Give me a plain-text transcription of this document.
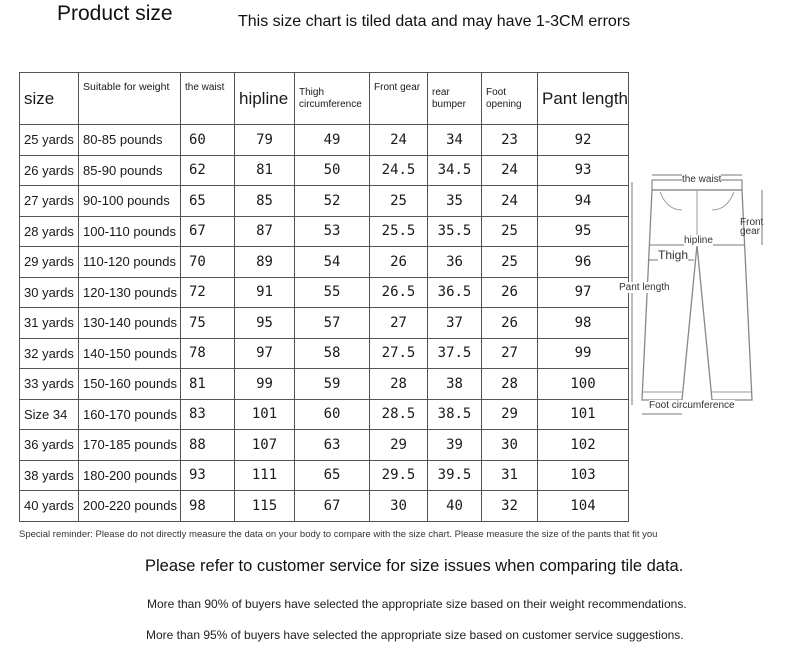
Product size	This size chart is tiled data and may have 1-3CM errors
size	Suitable for weight	the waist	hipline	Thigh circumference	Front gear	rear bumper	Foot opening	Pant length
25 yards	80-85 pounds	60	79	49	24	34	23	92
26 yards	85-90 pounds	62	81	50	24.5	34.5	24	93
27 yards	90-100 pounds	65	85	52	25	35	24	94
28 yards	100-110 pounds	67	87	53	25.5	35.5	25	95
29 yards	110-120 pounds	70	89	54	26	36	25	96
30 yards	120-130 pounds	72	91	55	26.5	36.5	26	97
31 yards	130-140 pounds	75	95	57	27	37	26	98
32 yards	140-150 pounds	78	97	58	27.5	37.5	27	99
33 yards	150-160 pounds	81	99	59	28	38	28	100
Size 34	160-170 pounds	83	101	60	28.5	38.5	29	101
36 yards	170-185 pounds	88	107	63	29	39	30	102
38 yards	180-200 pounds	93	111	65	29.5	39.5	31	103
40 yards	200-220 pounds	98	115	67	30	40	32	104
the waist
Front gear
hipline
Thigh
Pant length
Foot circumference
Special reminder: Please do not directly measure the data on your body to compare with the size chart. Please measure the size of the pants that fit you
Please refer to customer service for size issues when comparing tile data.
More than 90% of buyers have selected the appropriate size based on their weight recommendations.
More than 95% of buyers have selected the appropriate size based on customer service suggestions.
